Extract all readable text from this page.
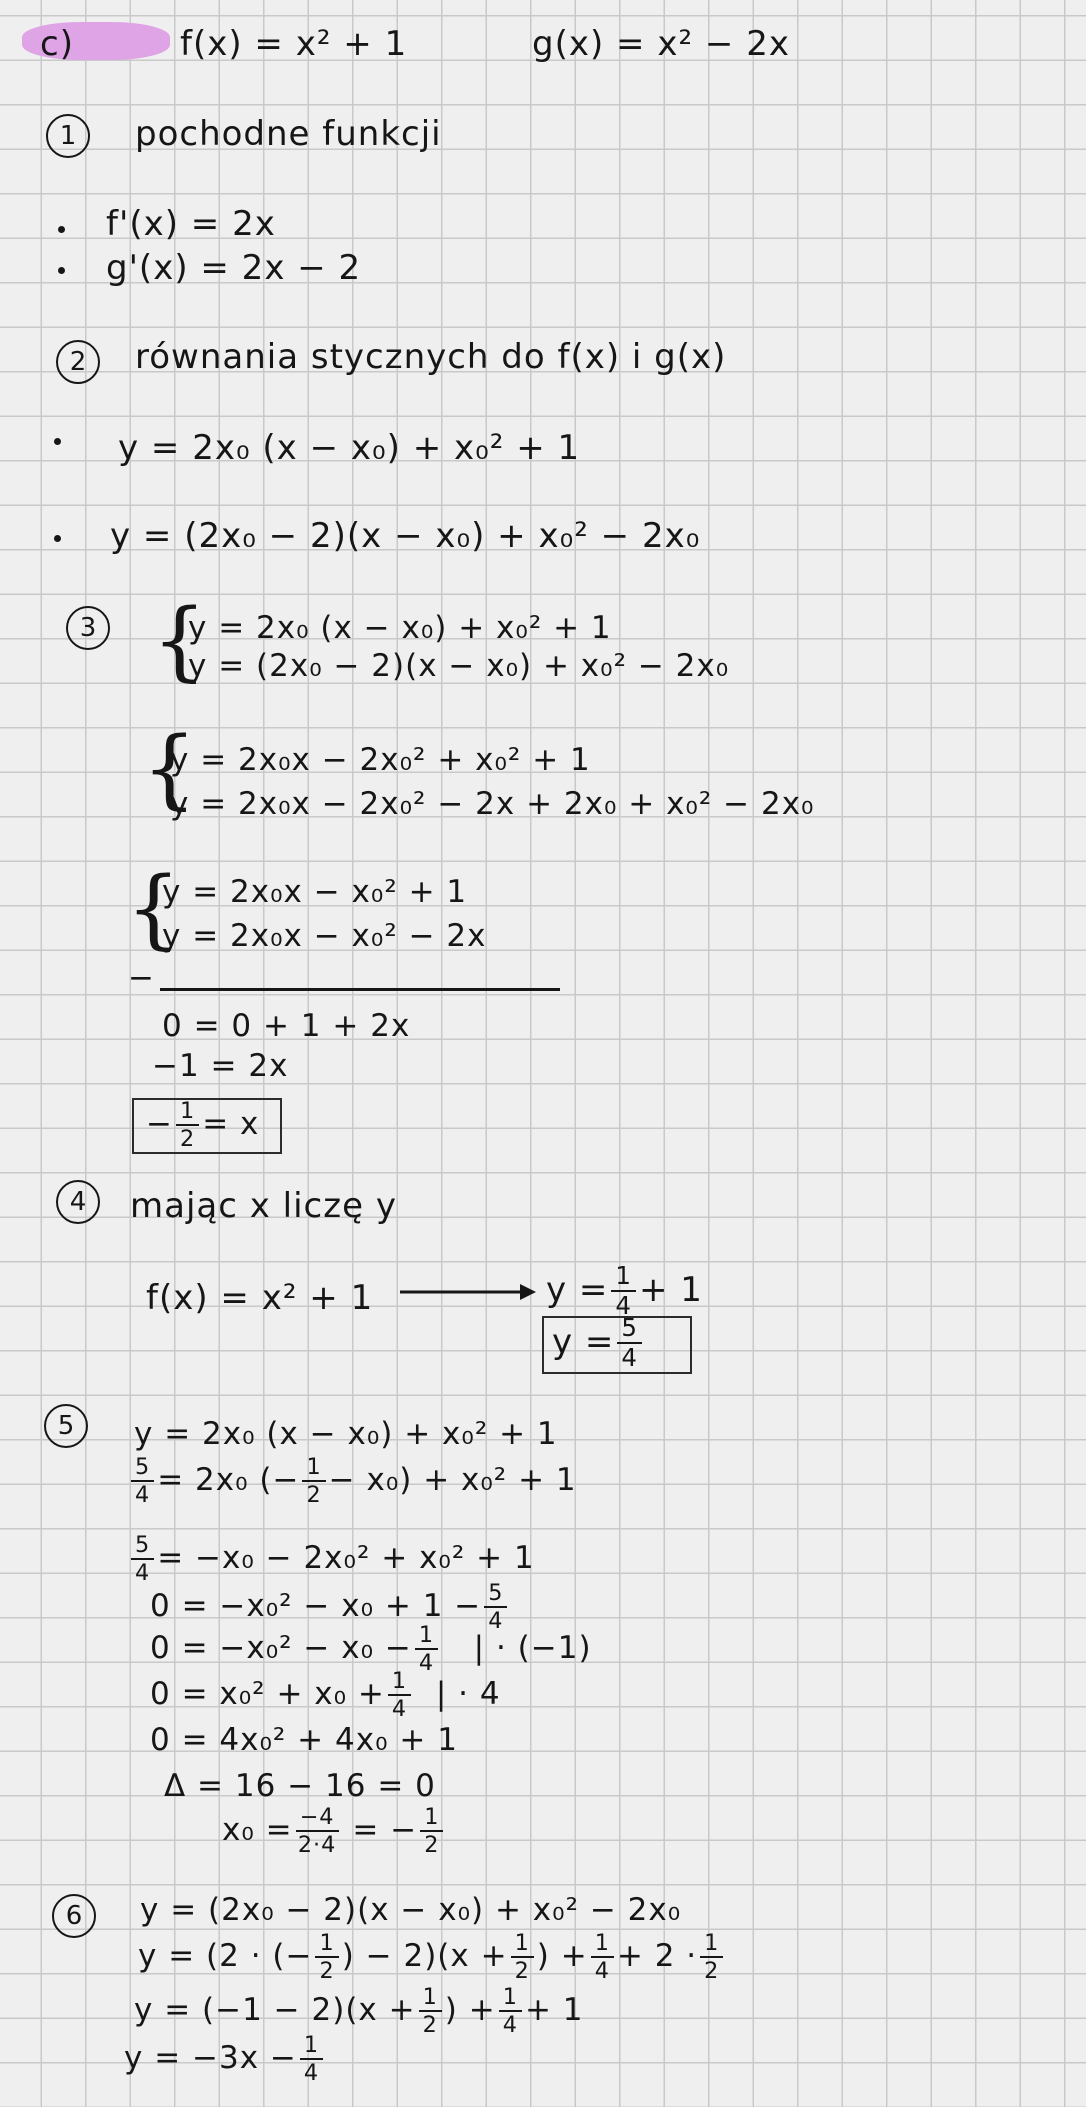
c)	f(x) = x² + 1	g(x) = x² − 2x
1	pochodne funkcji
f'(x) = 2x
g'(x) = 2x − 2
2	równania stycznych do f(x) i g(x)
y = 2x₀ (x − x₀) + x₀² + 1
y = (2x₀ − 2)(x − x₀) + x₀² − 2x₀
3 {
y = 2x₀ (x − x₀) + x₀² + 1
y = (2x₀ − 2)(x − x₀) + x₀² − 2x₀
{
y = 2x₀x − 2x₀² + x₀² + 1
y = 2x₀x − 2x₀² − 2x + 2x₀ + x₀² − 2x₀
{
y = 2x₀x − x₀² + 1
y = 2x₀x − x₀² − 2x
−
0 = 0 + 1 + 2x
−1 = 2x
− $\frac{1}{2} = x$
4	mając x liczę y
f(x) = x² + 1	$y = \frac{1}{4} + 1$
$y = \frac{5}{4}$
5	y = 2x₀ (x − x₀) + x₀² + 1
$\frac{5}{4} = 2x_0$ (− $\frac{1}{2} - x_0) + x_0^2 + 1$
$\frac{5}{4} = -x_0 - 2x_0^2 + x_0^2 + 1$
$0 = -x_0^2 - x_0 + 1 - \frac{5}{4}$
$0 = -x_0^2 - x_0 - \frac{1}{4}$ | · (−1)
$0 = x_0^2 + x_0 + \frac{1}{4}$ | · 4
0 = 4x₀² + 4x₀ + 1
Δ = 16 − 16 = 0
$x_0 = \frac{-4}{2\cdot 4}$ = − $\frac{1}{2}$
6	y = (2x₀ − 2)(x − x₀) + x₀² − 2x₀
y = (2 · (− $\frac{1}{2}$ ) − $2)(x + \frac{1}{2}$ ) + $\frac{1}{4} + 2 \cdot \frac{1}{2}$
$y = (-1 - 2)(x + \frac{1}{2}$ ) + $\frac{1}{4} + 1$
$y = -3x - \frac{1}{4}$
